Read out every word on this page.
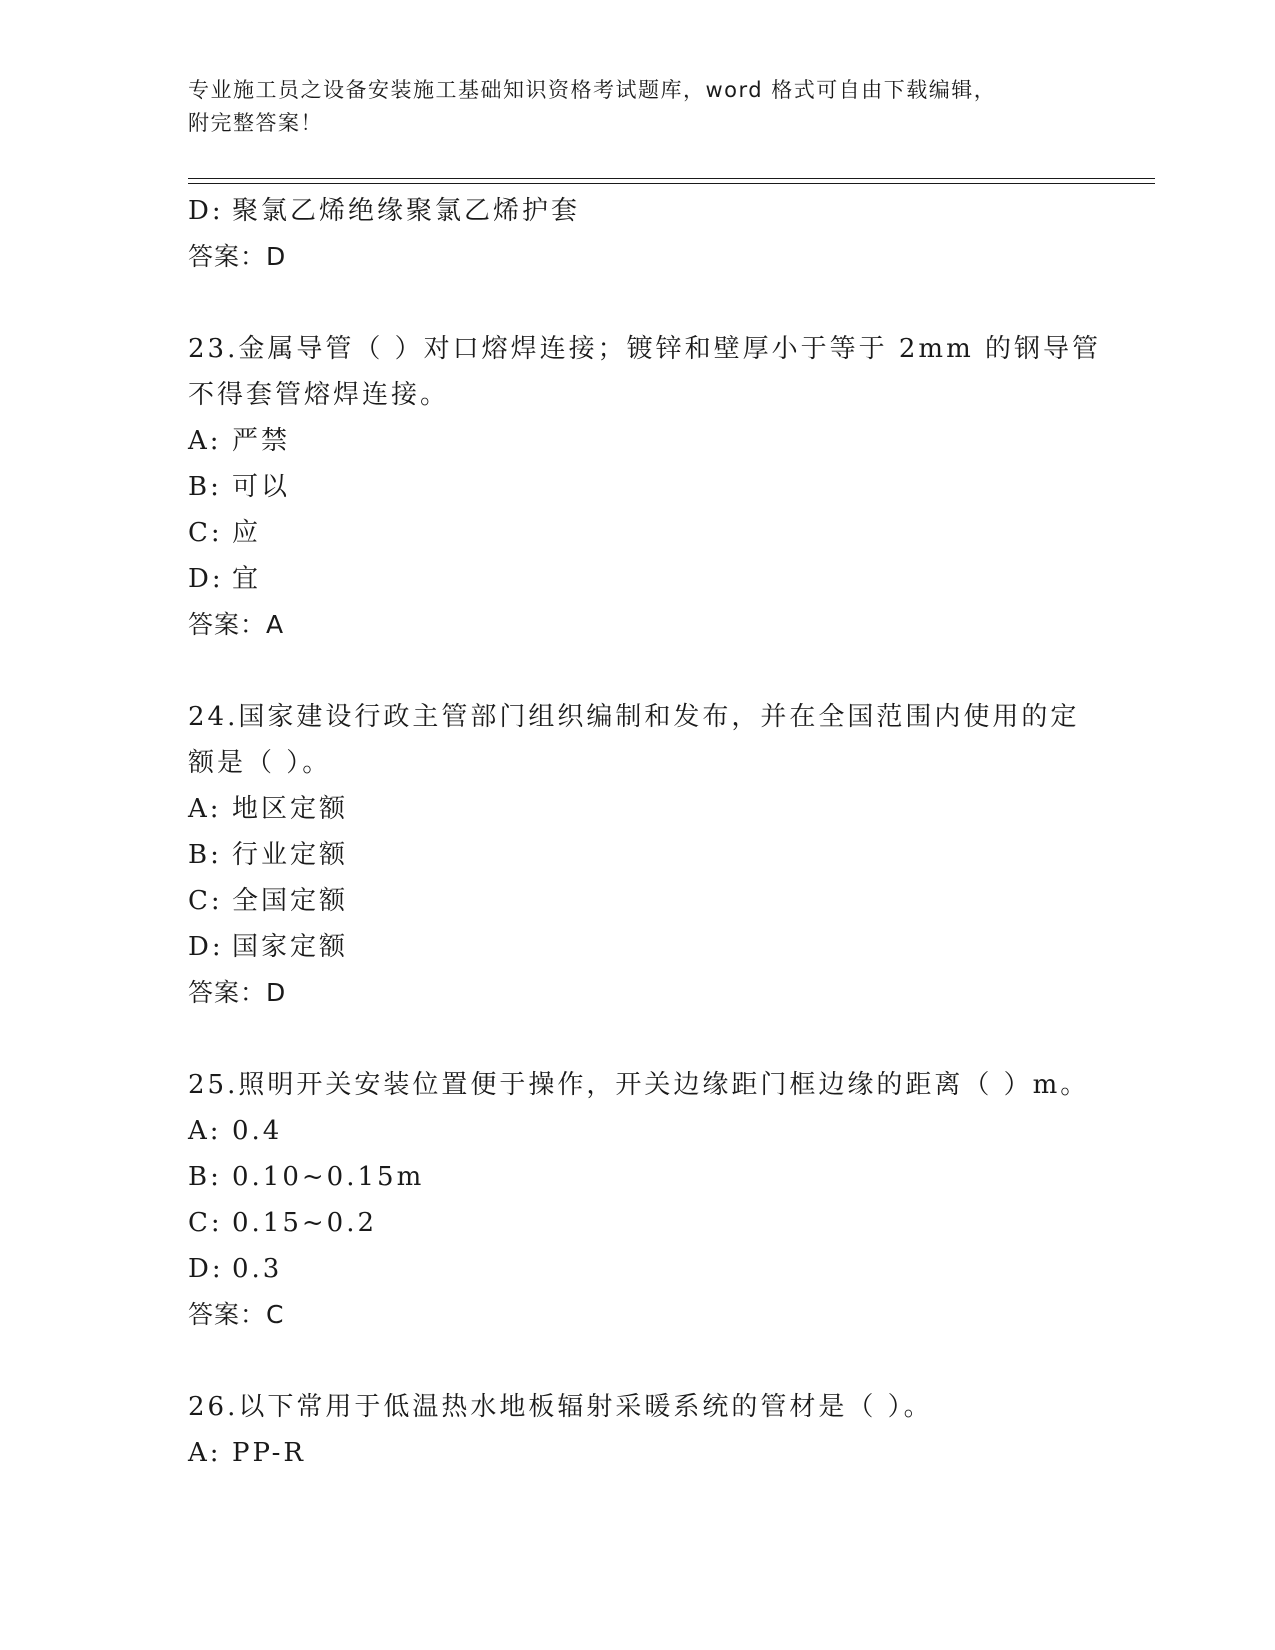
专业施工员之设备安装施工基础知识资格考试题库，word 格式可自由下载编辑，
附完整答案！
D: 聚氯乙烯绝缘聚氯乙烯护套
答案：D
23.金属导管（ ）对口熔焊连接；镀锌和壁厚小于等于 2mm 的钢导管
不得套管熔焊连接。
A: 严禁
B: 可以
C: 应
D: 宜
答案：A
24.国家建设行政主管部门组织编制和发布，并在全国范围内使用的定
额是（ ）。
A: 地区定额
B: 行业定额
C: 全国定额
D: 国家定额
答案：D
25.照明开关安装位置便于操作，开关边缘距门框边缘的距离（ ）m。
A: 0.4
B: 0.10~0.15m
C: 0.15~0.2
D: 0.3
答案：C
26.以下常用于低温热水地板辐射采暖系统的管材是（ ）。
A: PP-R
